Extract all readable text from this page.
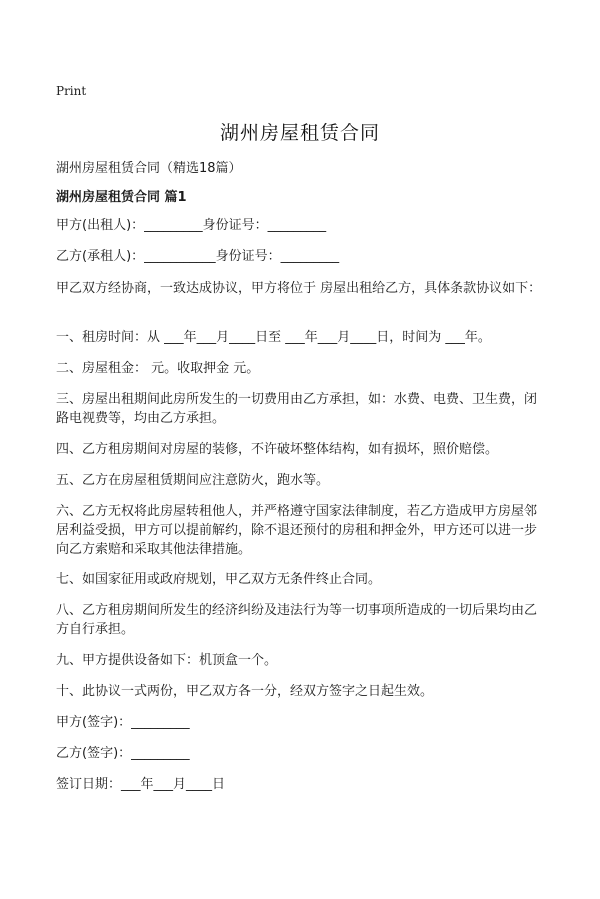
Print
湖州房屋租赁合同
湖州房屋租赁合同（精选18篇）
湖州房屋租赁合同 篇1
甲方(出租人)：_________身份证号：_________
乙方(承租人)：___________身份证号：_________
甲乙双方经协商，一致达成协议，甲方将位于 房屋出租给乙方，具体条款协议如下：
一、租房时间：从 ___年___月____日至 ___年___月____日，时间为 ___年。
二、房屋租金： 元。收取押金 元。
三、房屋出租期间此房所发生的一切费用由乙方承担，如：水费、电费、卫生费，闭路电视费等，均由乙方承担。
四、乙方租房期间对房屋的装修，不许破坏整体结构，如有损坏，照价赔偿。
五、乙方在房屋租赁期间应注意防火，跑水等。
六、乙方无权将此房屋转租他人，并严格遵守国家法律制度，若乙方造成甲方房屋邻居利益受损，甲方可以提前解约，除不退还预付的房租和押金外，甲方还可以进一步向乙方索赔和采取其他法律措施。
七、如国家征用或政府规划，甲乙双方无条件终止合同。
八、乙方租房期间所发生的经济纠纷及违法行为等一切事项所造成的一切后果均由乙方自行承担。
九、甲方提供设备如下：机顶盒一个。
十、此协议一式两份，甲乙双方各一分，经双方签字之日起生效。
甲方(签字)：_________
乙方(签字)：_________
签订日期：___年___月____日
